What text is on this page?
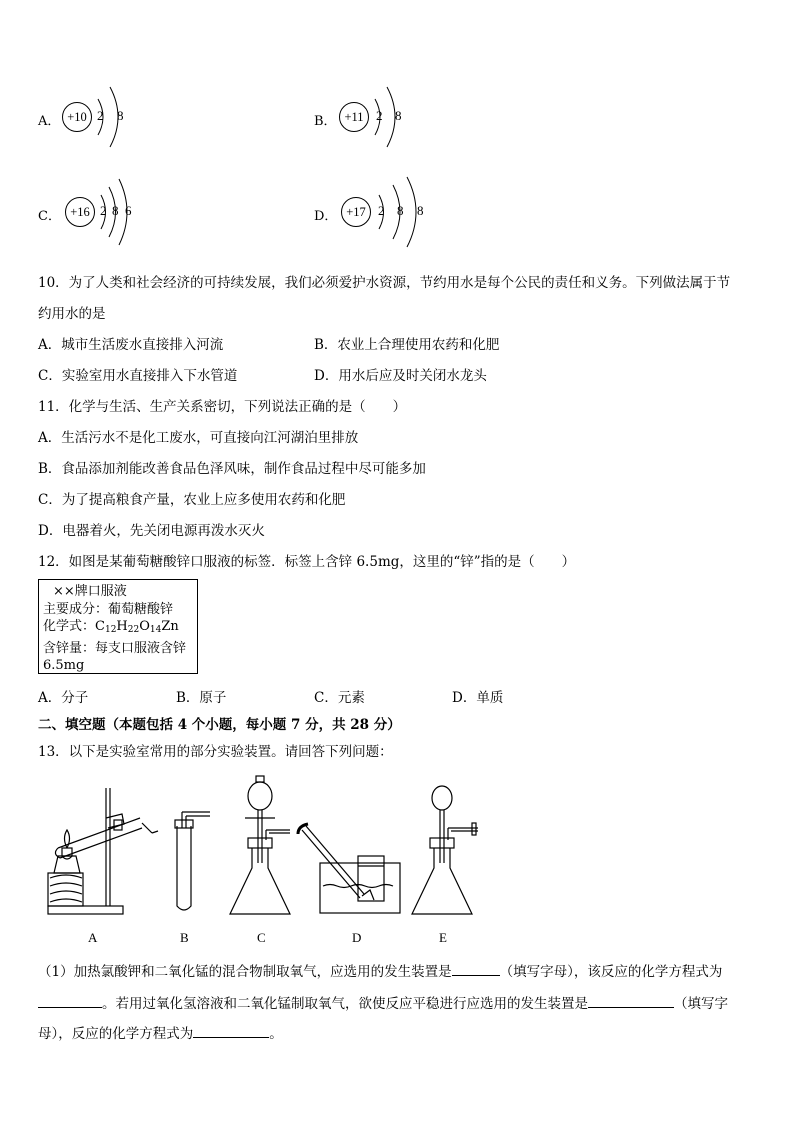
A． +10 2 8	B． +11 2 8
C． +16 2 8 6	D． +17 2 8 8
10．为了人类和社会经济的可持续发展，我们必须爱护水资源，节约用水是每个公民的责任和义务。下列做法属于节
约用水的是
A．城市生活废水直接排入河流	B．农业上合理使用农药和化肥
C．实验室用水直接排入下水管道	D．用水后应及时关闭水龙头
11．化学与生活、生产关系密切，下列说法正确的是（　　）
A．生活污水不是化工废水，可直接向江河湖泊里排放
B．食品添加剂能改善食品色泽风味，制作食品过程中尽可能多加
C．为了提高粮食产量，农业上应多使用农药和化肥
D．电器着火，先关闭电源再泼水灭火
12．如图是某葡萄糖酸锌口服液的标签．标签上含锌 6.5mg，这里的“锌”指的是（　　）
××牌口服液
主要成分：葡萄糖酸锌
化学式：$C_{12}H_{22}O_{14}Zn$
含锌量：每支口服液含锌
6.5mg
A．分子	B．原子	C．元素	D．单质
二、填空题（本题包括 4 个小题，每小题 7 分，共 28 分）
13．以下是实验室常用的部分实验装置。请回答下列问题：
A	B	C	D	E
（1）加热氯酸钾和二氧化锰的混合物制取氧气，应选用的发生装置是	（填写字母），该反应的化学方程式为
。若用过氧化氢溶液和二氧化锰制取氧气，欲使反应平稳进行应选用的发生装置是	（填写字
母），反应的化学方程式为	。
